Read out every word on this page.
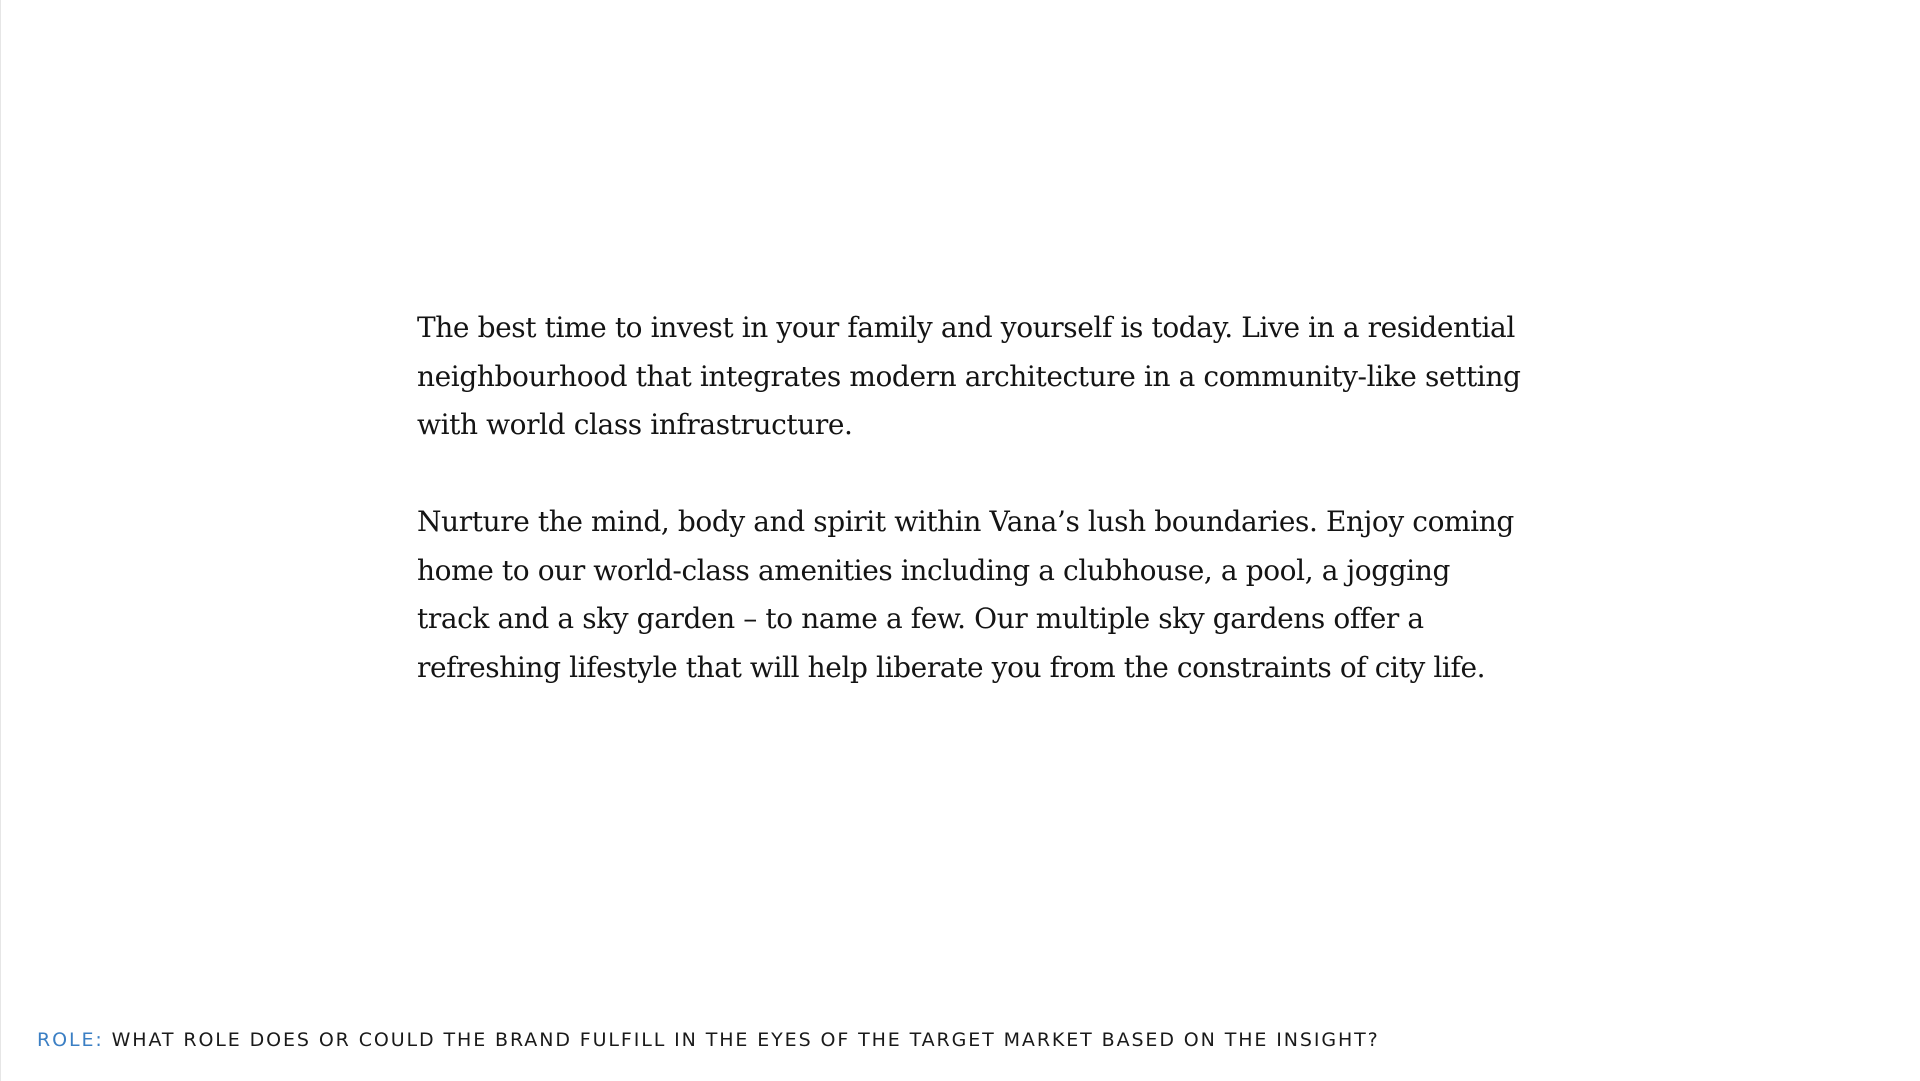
The best time to invest in your family and yourself is today. Live in a residential neighbourhood that integrates modern architecture in a community-like setting with world class infrastructure.

Nurture the mind, body and spirit within Vana’s lush boundaries. Enjoy coming home to our world-class amenities including a clubhouse, a pool, a jogging track and a sky garden – to name a few. Our multiple sky gardens offer a refreshing lifestyle that will help liberate you from the constraints of city life.

ROLE: WHAT ROLE DOES OR COULD THE BRAND FULFILL IN THE EYES OF THE TARGET MARKET BASED ON THE INSIGHT?
